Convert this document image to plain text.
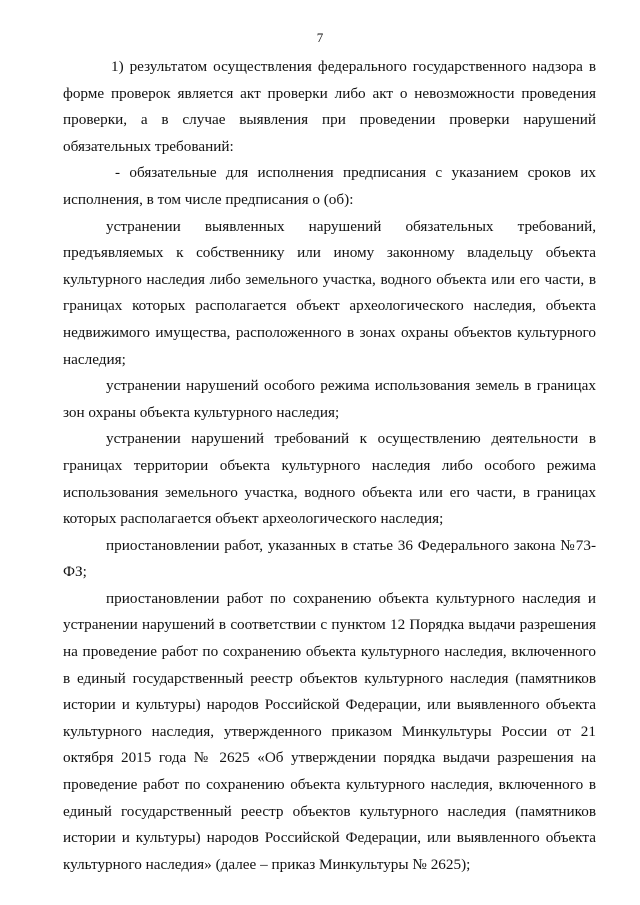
7

1) результатом осуществления федерального государственного надзора в форме проверок является акт проверки либо акт о невозможности проведения проверки, а в случае выявления при проведении проверки нарушений обязательных требований:

- обязательные для исполнения предписания с указанием сроков их исполнения, в том числе предписания о (об):

устранении выявленных нарушений обязательных требований, предъявляемых к собственнику или иному законному владельцу объекта культурного наследия либо земельного участка, водного объекта или его части, в границах которых располагается объект археологического наследия, объекта недвижимого имущества, расположенного в зонах охраны объектов культурного наследия;

устранении нарушений особого режима использования земель в границах зон охраны объекта культурного наследия;

устранении нарушений требований к осуществлению деятельности в границах территории объекта культурного наследия либо особого режима использования земельного участка, водного объекта или его части, в границах которых располагается объект археологического наследия;

приостановлении работ, указанных в статье 36 Федерального закона №73-ФЗ;

приостановлении работ по сохранению объекта культурного наследия и устранении нарушений в соответствии с пунктом 12 Порядка выдачи разрешения на проведение работ по сохранению объекта культурного наследия, включенного в единый государственный реестр объектов культурного наследия (памятников истории и культуры) народов Российской Федерации, или выявленного объекта культурного наследия, утвержденного приказом Минкультуры России от 21 октября 2015 года № 2625 «Об утверждении порядка выдачи разрешения на проведение работ по сохранению объекта культурного наследия, включенного в единый государственный реестр объектов культурного наследия (памятников истории и культуры) народов Российской Федерации, или выявленного объекта культурного наследия» (далее – приказ Минкультуры № 2625);
